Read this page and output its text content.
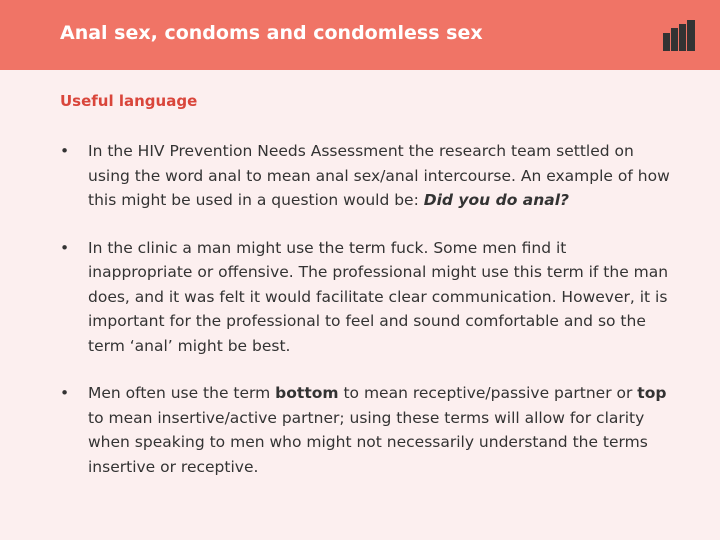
Anal sex, condoms and condomless sex
Useful language
•	In the HIV Prevention Needs Assessment the research team settled on using the word anal to mean anal sex/anal intercourse. An example of how this might be used in a question would be: Did you do anal?
•	In the clinic a man might use the term fuck. Some men find it inappropriate or offensive. The professional might use this term if the man does, and it was felt it would facilitate clear communication. However, it is important for the professional to feel and sound comfortable and so the term ‘anal’ might be best.
•	Men often use the term bottom to mean receptive/passive partner or top to mean insertive/active partner; using these terms will allow for clarity when speaking to men who might not necessarily understand the terms insertive or receptive.
